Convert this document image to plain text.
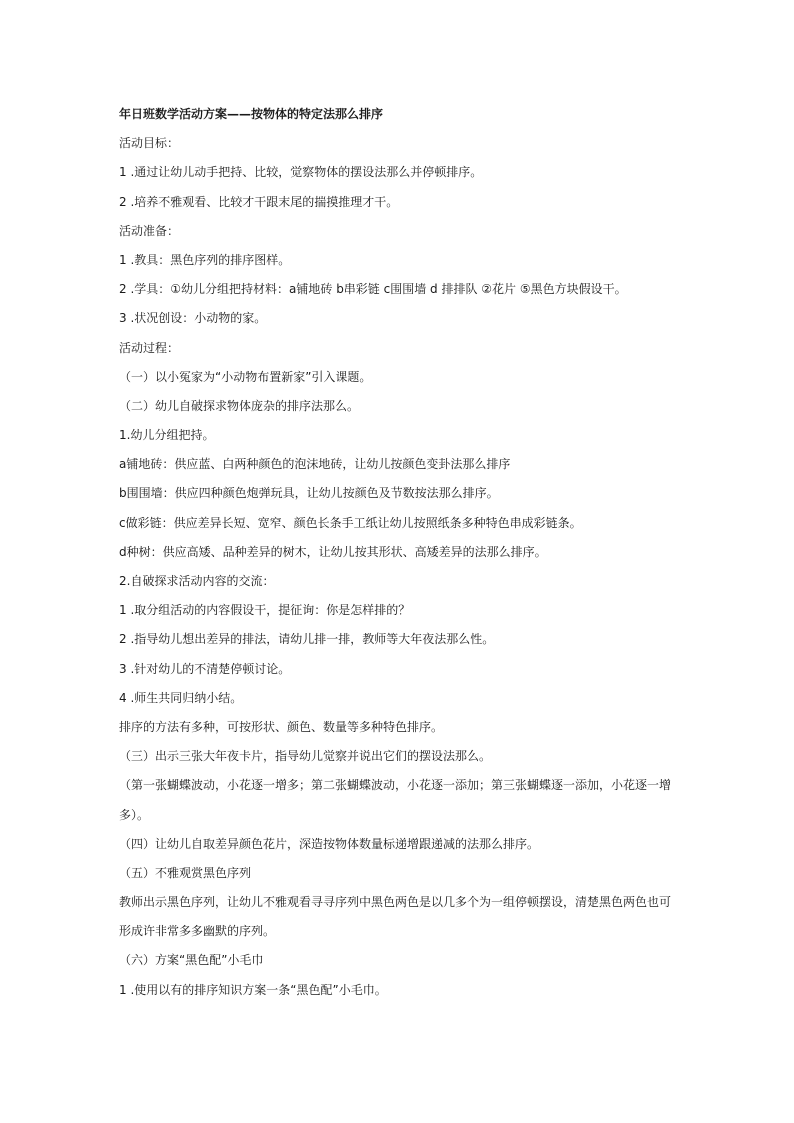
年日班数学活动方案——按物体的特定法那么排序
活动目标：
1 .通过让幼儿动手把持、比较，觉察物体的摆设法那么并停顿排序。
2 .培养不雅观看、比较才干跟末尾的揣摸推理才干。
活动准备：
1 .教具：黑色序列的排序图样。
2 .学具：①幼儿分组把持材料：a铺地砖 b串彩链 c围围墙 d 排排队 ②花片 ⑤黑色方块假设干。
3 .状况创设：小动物的家。
活动过程：
（一）以小冤家为“小动物布置新家”引入课题。
（二）幼儿自破探求物体庞杂的排序法那么。
1.幼儿分组把持。
a铺地砖：供应蓝、白两种颜色的泡沫地砖，让幼儿按颜色变卦法那么排序
b围围墙：供应四种颜色炮弹玩具，让幼儿按颜色及节数按法那么排序。
c做彩链：供应差异长短、宽窄、颜色长条手工纸让幼儿按照纸条多种特色串成彩链条。
d种树：供应高矮、品种差异的树木，让幼儿按其形状、高矮差异的法那么排序。
2.自破探求活动内容的交流：
1 .取分组活动的内容假设干，提征询：你是怎样排的？
2 .指导幼儿想出差异的排法，请幼儿排一排，教师等大年夜法那么性。
3 .针对幼儿的不清楚停顿讨论。
4 .师生共同归纳小结。
排序的方法有多种，可按形状、颜色、数量等多种特色排序。
（三）出示三张大年夜卡片，指导幼儿觉察并说出它们的摆设法那么。
（第一张蝴蝶波动，小花逐一增多；第二张蝴蝶波动，小花逐一添加；第三张蝴蝶逐一添加，小花逐一增
多）。
（四）让幼儿自取差异颜色花片，深造按物体数量标递增跟递减的法那么排序。
（五）不雅观赏黑色序列
教师出示黑色序列，让幼儿不雅观看寻寻序列中黑色两色是以几多个为一组停顿摆设，清楚黑色两色也可
形成许非常多多幽默的序列。
（六）方案“黑色配”小毛巾
1 .使用以有的排序知识方案一条“黑色配”小毛巾。
